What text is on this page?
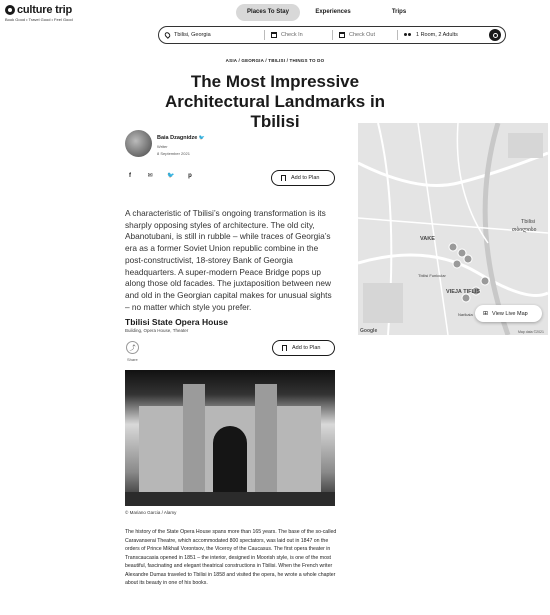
culture trip
Book Good • Travel Good • Feel Good
Places To Stay	Experiences	Trips
Tbilisi, Georgia	Check In	Check Out	1 Room, 2 Adults
ASIA / GEORGIA / TBILISI / THINGS TO DO
The Most Impressive Architectural Landmarks in Tbilisi
Baia Dzagnidze 🐦
Writer
8 September 2021
f	✉ 🐦 p	Add to Plan

A characteristic of Tbilisi’s ongoing transformation is its sharply opposing styles of architecture. The old city, Abanotubani, is still in rubble – while traces of Georgia’s era as a former Soviet Union republic combine in the post-constructivist, 18-storey Bank of Georgia headquarters. A super-modern Peace Bridge pops up along those old facades. The juxtaposition between new and old in the Georgian capital makes for unusual sights – no matter which style you prefer.

Tbilisi State Opera House
Building, Opera House, Theater
⤴
Share
Add to Plan
© Mariano Garcia / Alamy

The history of the State Opera House spans more than 165 years. The base of the so-called Caravanserai Theatre, which accommodated 800 spectators, was laid out in 1847 on the orders of Prince Mikhail Vorontsov, the Viceroy of the Caucasus. The first opera theater in Transcaucasia opened in 1851 – the interior, designed in Moorish style, is one of the most beautiful, fascinating and elegant theatrical constructions in Tbilisi. When the French writer Alexandre Dumas traveled to Tbilisi in 1858 and visited the opera, he wrote a whole chapter about its beauty in one of his books.

Tbilisi
თბილისი
VAKE
VIEJA TIFLIS
Tbilisi Funicular
Narikala ⊞ View Live Map
Google	Map data ©2021
